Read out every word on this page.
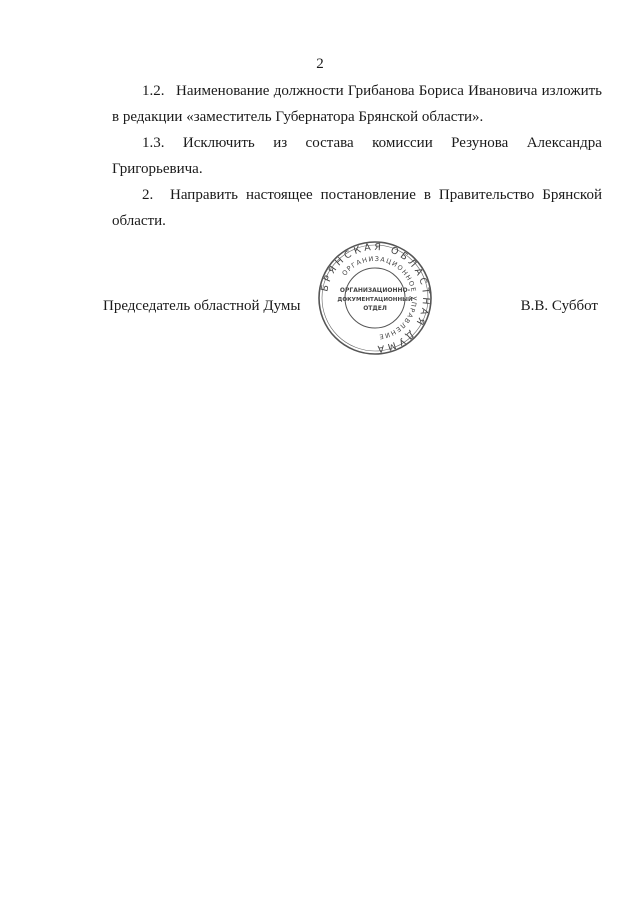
2

1.2. Наименование должности Грибанова Бориса Ивановича изложить

в редакции «заместитель Губернатора Брянской области».

1.3. Исключить из состава комиссии Резунова Александра

Григорьевича.

2.	Направить настоящее постановление в Правительство Брянской

области.

Председатель областной Думы	В.В. Суббот
БРЯНСКАЯ ОБЛАСТНАЯ ДУМА
ОРГАНИЗАЦИОННОЕ УПРАВЛЕНИЕ
ОРГАНИЗАЦИОННО-
ДОКУМЕНТАЦИОННЫЙ
ОТДЕЛ
